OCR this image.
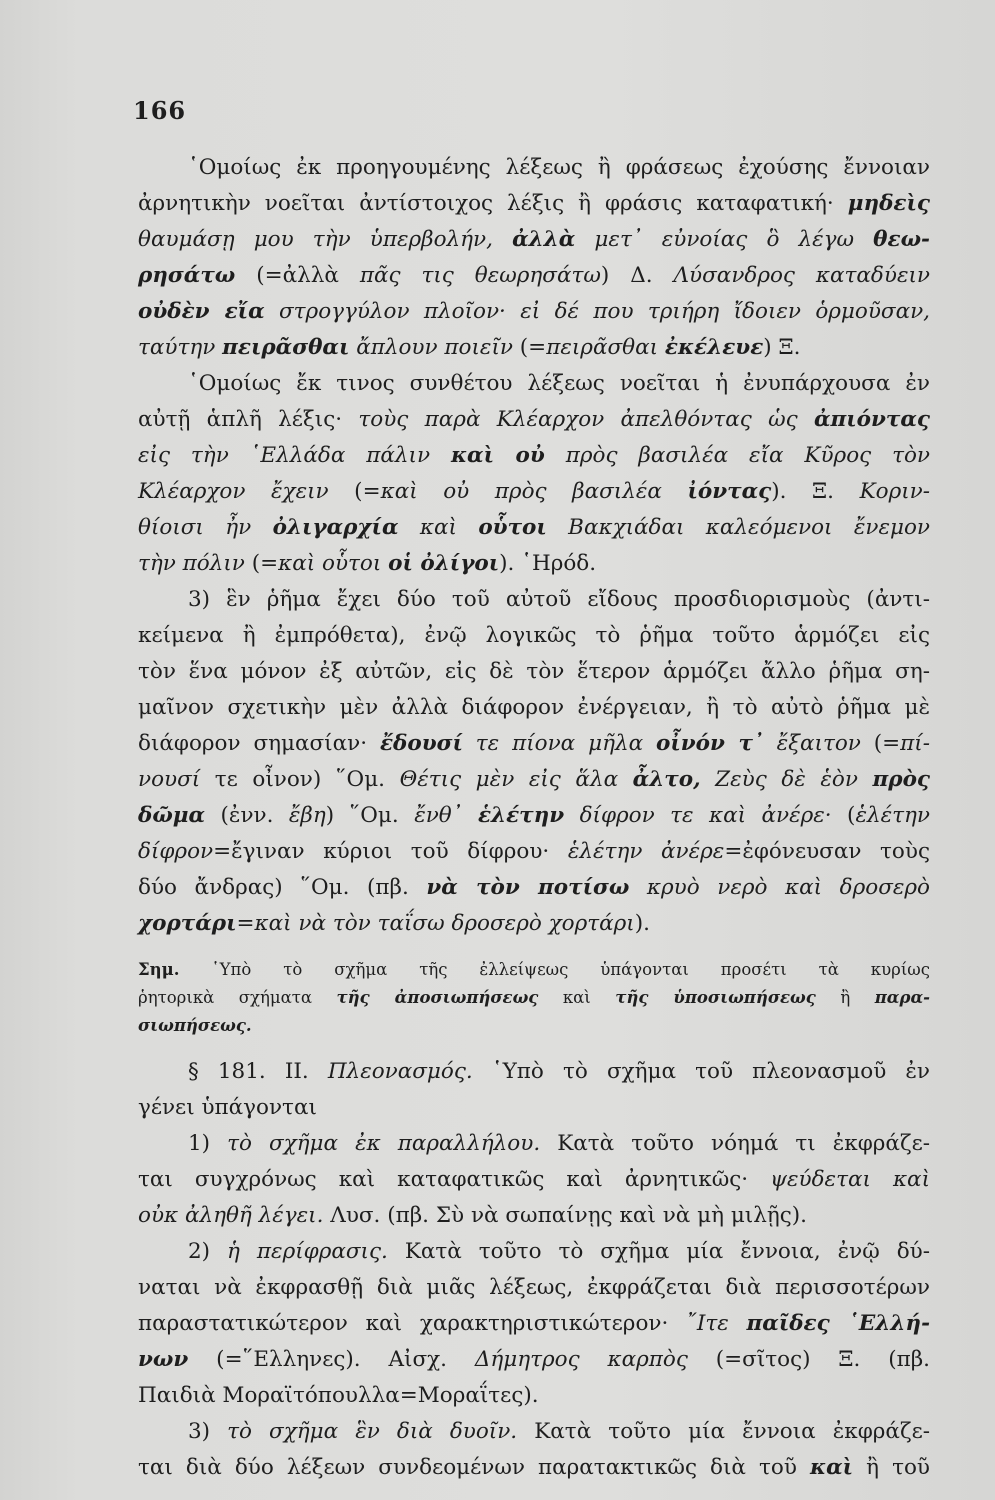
166
῾Ομοίως ἐκ προηγουμένης λέξεως ἢ φράσεως ἐχούσης ἔννοιαν
ἀρνητικὴν νοεῖται ἀντίστοιχος λέξις ἢ φράσις καταφατική· μηδεὶς
θαυμάσῃ μου τὴν ὑπερβολήν, ἀλλὰ μετ᾽ εὐνοίας ὃ λέγω θεω-
ρησάτω (=ἀλλὰ πᾶς τις θεωρησάτω) Δ. Λύσανδρος καταδύειν
οὐδὲν εἴα στρογγύλον πλοῖον· εἰ δέ που τριήρη ἴδοιεν ὁρμοῦσαν,
ταύτην πειρᾶσθαι ἄπλουν ποιεῖν (=πειρᾶσθαι ἐκέλευε) Ξ.
῾Ομοίως ἔκ τινος συνθέτου λέξεως νοεῖται ἡ ἐνυπάρχουσα ἐν
αὐτῇ ἁπλῆ λέξις· τοὺς παρὰ Κλέαρχον ἀπελθόντας ὡς ἀπιόντας
εἰς τὴν ῾Ελλάδα πάλιν καὶ οὐ πρὸς βασιλέα εἴα Κῦρος τὸν
Κλέαρχον ἔχειν (=καὶ οὐ πρὸς βασιλέα ἰόντας). Ξ. Κοριν-
θίοισι ἦν ὀλιγαρχία καὶ οὗτοι Βακχιάδαι καλεόμενοι ἔνεμον
τὴν πόλιν (=καὶ οὗτοι οἱ ὀλίγοι). ῾Ηρόδ.
3) ἓν ῥῆμα ἔχει δύο τοῦ αὐτοῦ εἴδους προσδιορισμοὺς (ἀντι-
κείμενα ἢ ἐμπρόθετα), ἐνῷ λογικῶς τὸ ῥῆμα τοῦτο ἁρμόζει εἰς
τὸν ἕνα μόνον ἐξ αὐτῶν, εἰς δὲ τὸν ἕτερον ἁρμόζει ἄλλο ῥῆμα ση-
μαῖνον σχετικὴν μὲν ἀλλὰ διάφορον ἐνέργειαν, ἢ τὸ αὐτὸ ῥῆμα μὲ
διάφορον σημασίαν· ἔδουσί τε πίονα μῆλα οἶνόν τ᾽ ἔξαιτον (=πί-
νουσί τε οἶνον) ῞Ομ. Θέτις μὲν εἰς ἅλα ἆλτο, Ζεὺς δὲ ἑὸν πρὸς
δῶμα (ἐνν. ἔβη) ῞Ομ. ἔνθ᾽ ἑλέτην δίφρον τε καὶ ἀνέρε· (ἑλέτην
δίφρον=ἔγιναν κύριοι τοῦ δίφρου· ἑλέτην ἀνέρε=ἐφόνευσαν τοὺς
δύο ἄνδρας) ῞Ομ. (πβ. νὰ τὸν ποτίσω κρυὸ νερὸ καὶ δροσερὸ
χορτάρι=καὶ νὰ τὸν ταΐσω δροσερὸ χορτάρι).
Σημ. ῾Υπὸ τὸ σχῆμα τῆς ἐλλείψεως ὑπάγονται προσέτι τὰ κυρίως
ῥητορικὰ σχήματα τῆς ἀποσιωπήσεως καὶ τῆς ὑποσιωπήσεως ἢ παρα-
σιωπήσεως.
§ 181. ΙΙ. Πλεονασμός. ῾Υπὸ τὸ σχῆμα τοῦ πλεονασμοῦ ἐν
γένει ὑπάγονται
1) τὸ σχῆμα ἐκ παραλλήλου. Κατὰ τοῦτο νόημά τι ἐκφράζε-
ται συγχρόνως καὶ καταφατικῶς καὶ ἀρνητικῶς· ψεύδεται καὶ
οὐκ ἀληθῆ λέγει. Λυσ. (πβ. Σὺ νὰ σωπαίνῃς καὶ νὰ μὴ μιλῇς).
2) ἡ περίφρασις. Κατὰ τοῦτο τὸ σχῆμα μία ἔννοια, ἐνῷ δύ-
ναται νὰ ἐκφρασθῇ διὰ μιᾶς λέξεως, ἐκφράζεται διὰ περισσοτέρων
παραστατικώτερον καὶ χαρακτηριστικώτερον· ῎Ιτε παῖδες ῾Ελλή-
νων (=῞Ελληνες). Αἰσχ. Δήμητρος καρπὸς (=σῖτος) Ξ. (πβ.
Παιδιὰ Μοραϊτόπουλλα=Μοραΐτες).
3) τὸ σχῆμα ἓν διὰ δυοῖν. Κατὰ τοῦτο μία ἔννοια ἐκφράζε-
ται διὰ δύο λέξεων συνδεομένων παρατακτικῶς διὰ τοῦ καὶ ἢ τοῦ
